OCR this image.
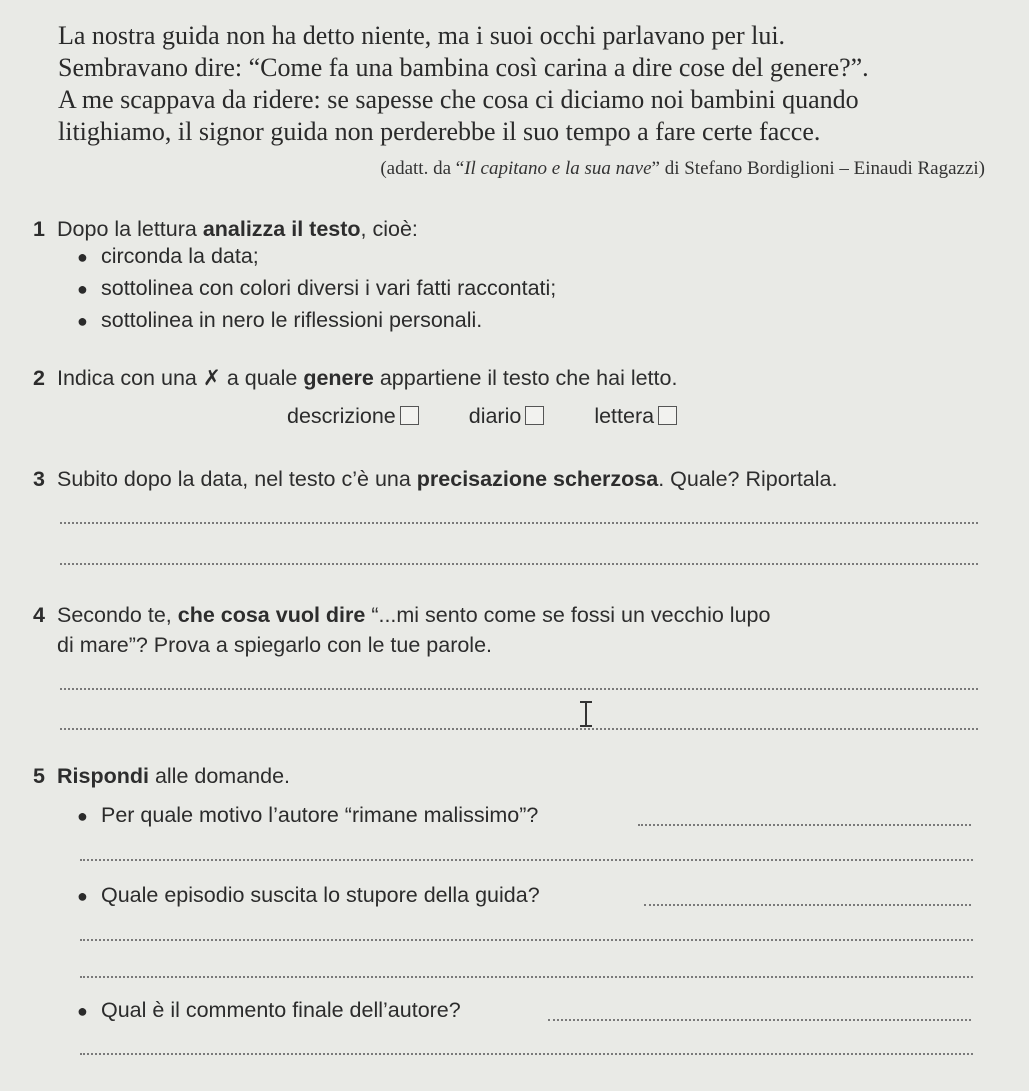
La nostra guida non ha detto niente, ma i suoi occhi parlavano per lui.

Sembravano dire: “Come fa una bambina così carina a dire cose del genere?”.

A me scappava da ridere: se sapesse che cosa ci diciamo noi bambini quando

litighiamo, il signor guida non perderebbe il suo tempo a fare certe facce.

(adatt. da “Il capitano e la sua nave” di Stefano Bordiglioni – Einaudi Ragazzi)
1 Dopo la lettura analizza il testo, cioè:
● circonda la data;
● sottolinea con colori diversi i vari fatti raccontati;
● sottolinea in nero le riflessioni personali.
2 Indica con una ✗ a quale genere appartiene il testo che hai letto.
descrizione	diario	lettera
3 Subito dopo la data, nel testo c’è una precisazione scherzosa. Quale? Riportala.
4 Secondo te, che cosa vuol dire “...mi sento come se fossi un vecchio lupo
di mare”? Prova a spiegarlo con le tue parole.
5 Rispondi alle domande.
● Per quale motivo l’autore “rimane malissimo”?
● Quale episodio suscita lo stupore della guida?
● Qual è il commento finale dell’autore?
